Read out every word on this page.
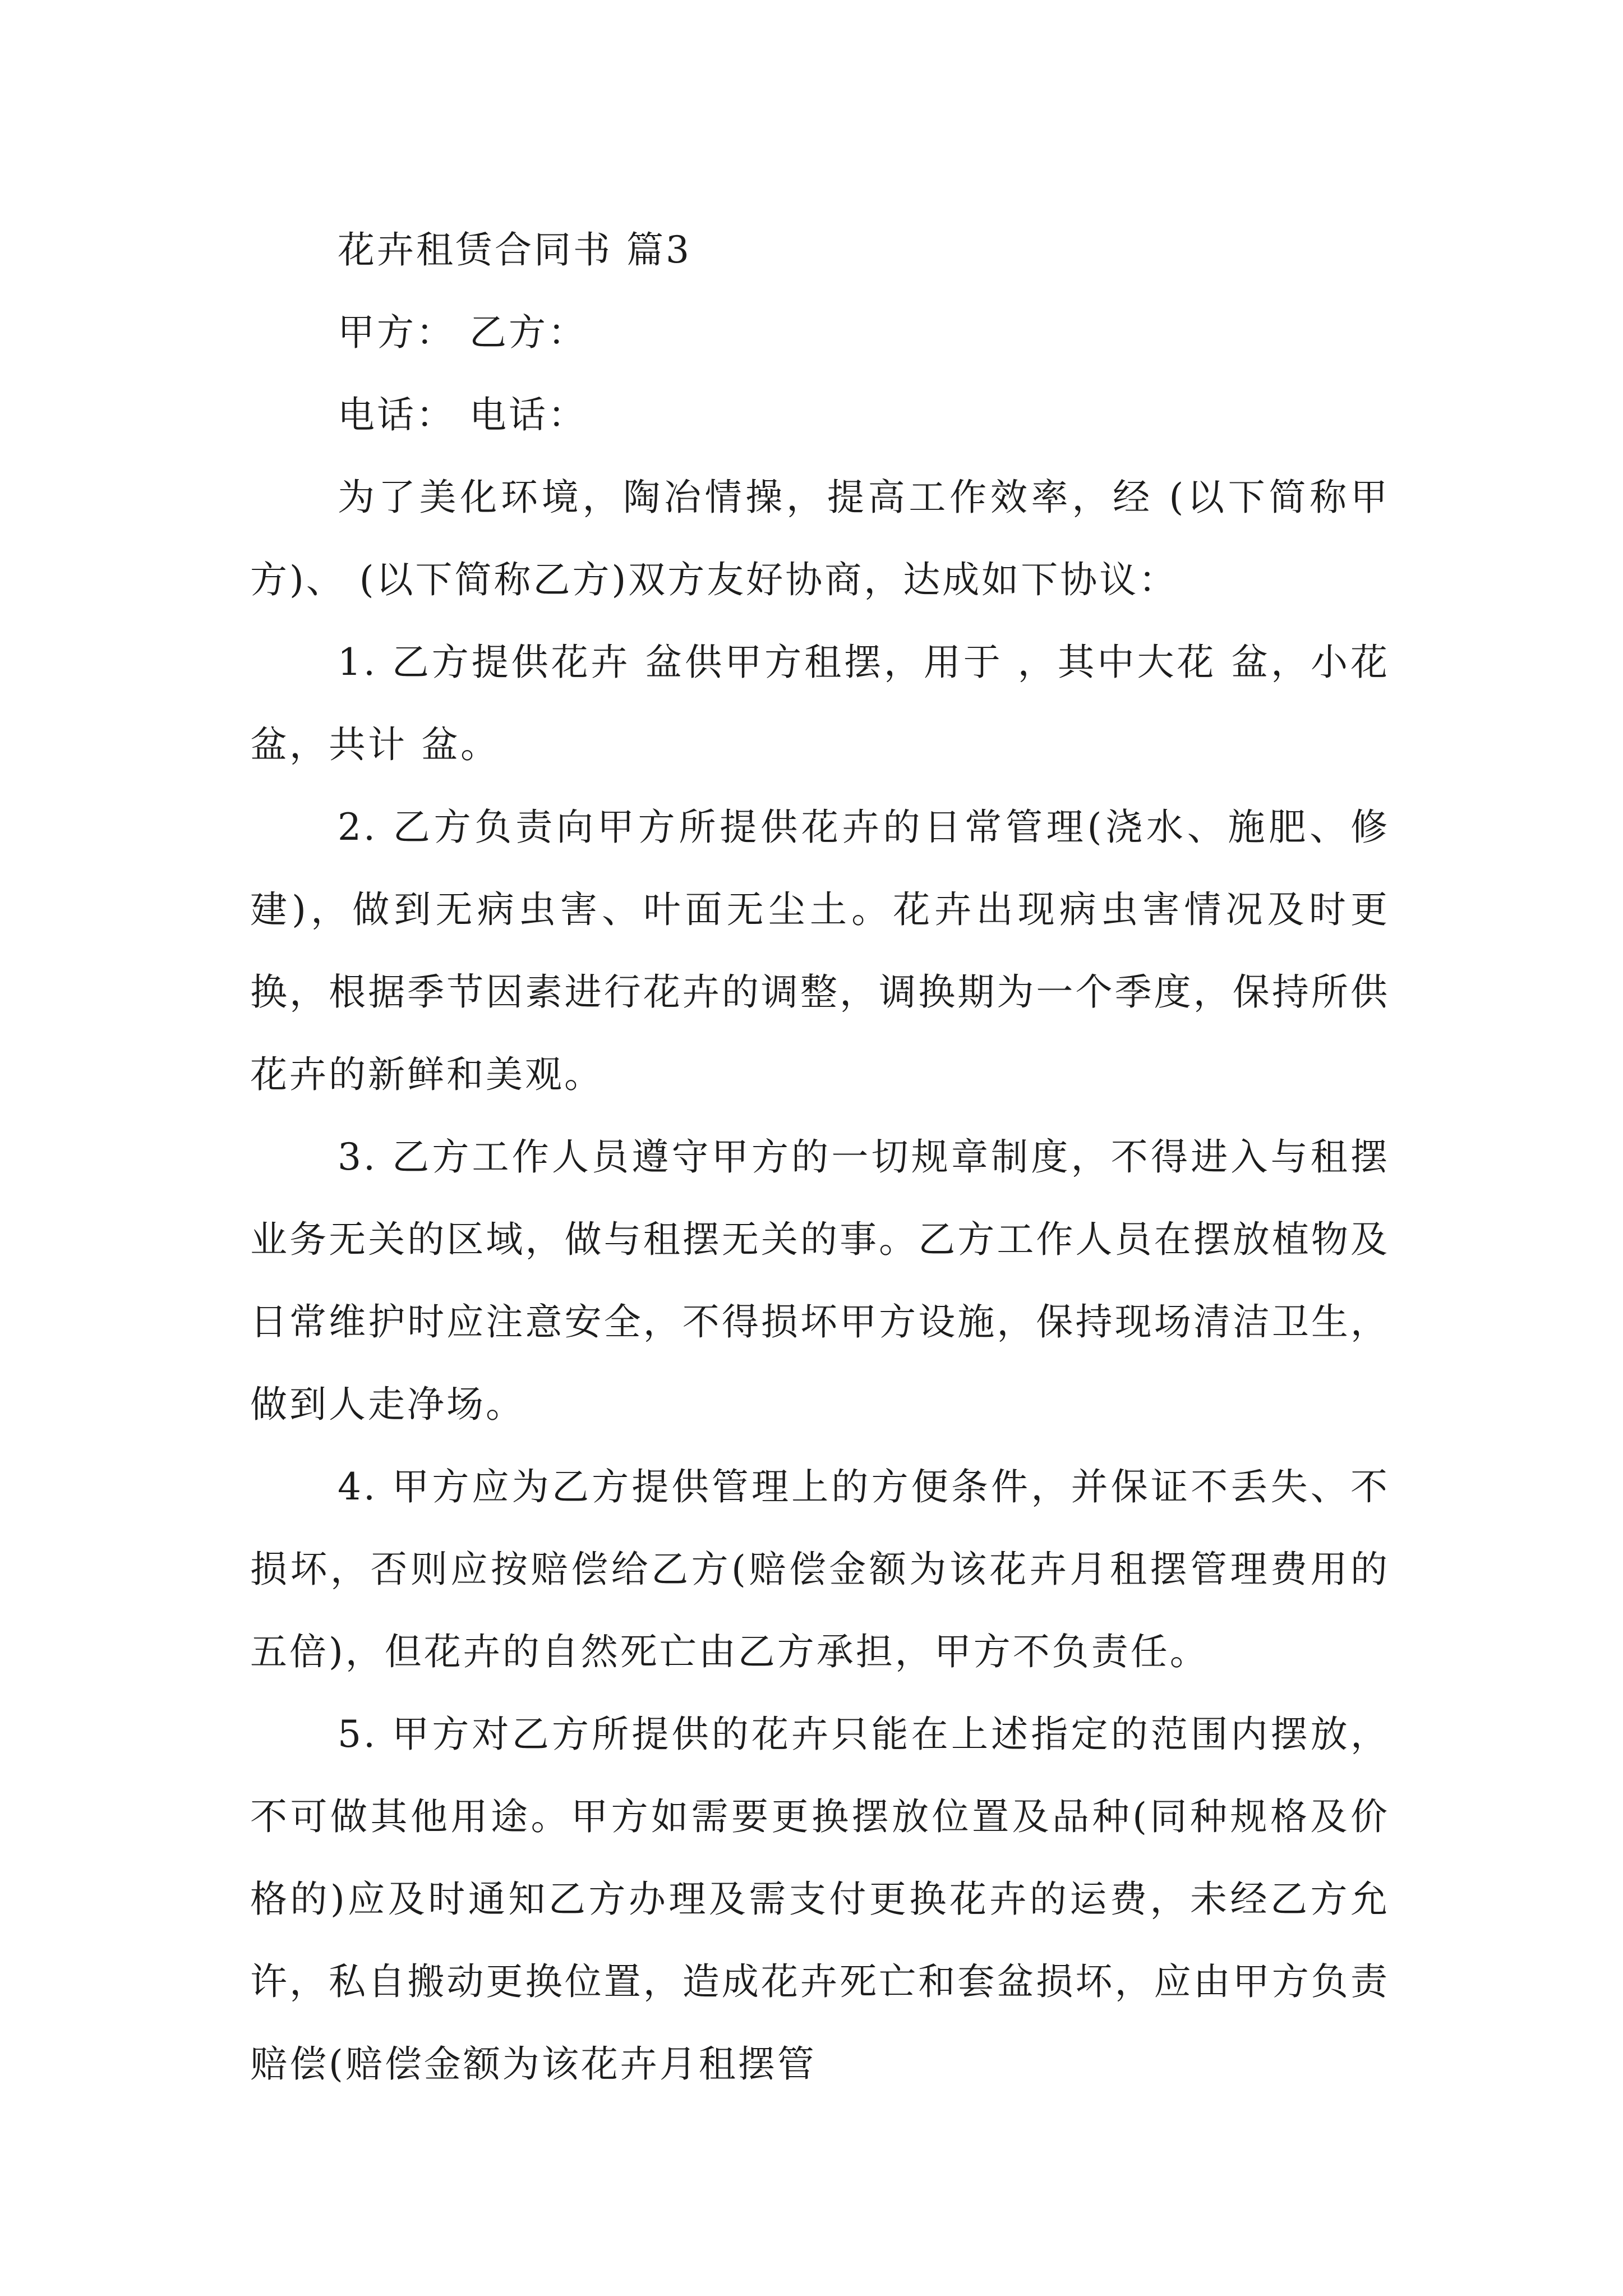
花卉租赁合同书 篇3
甲方： 乙方：
电话： 电话：
为了美化环境，陶冶情操，提高工作效率，经 (以下简称甲方)、 (以下简称乙方)双方友好协商，达成如下协议：
1. 乙方提供花卉 盆供甲方租摆，用于 ，其中大花 盆，小花 盆，共计 盆。
2. 乙方负责向甲方所提供花卉的日常管理(浇水、施肥、修建)，做到无病虫害、叶面无尘土。花卉出现病虫害情况及时更换，根据季节因素进行花卉的调整，调换期为一个季度，保持所供花卉的新鲜和美观。
3. 乙方工作人员遵守甲方的一切规章制度，不得进入与租摆业务无关的区域，做与租摆无关的事。乙方工作人员在摆放植物及日常维护时应注意安全，不得损坏甲方设施，保持现场清洁卫生，做到人走净场。
4. 甲方应为乙方提供管理上的方便条件，并保证不丢失、不损坏，否则应按赔偿给乙方(赔偿金额为该花卉月租摆管理费用的五倍)，但花卉的自然死亡由乙方承担，甲方不负责任。
5. 甲方对乙方所提供的花卉只能在上述指定的范围内摆放，不可做其他用途。甲方如需要更换摆放位置及品种(同种规格及价格的)应及时通知乙方办理及需支付更换花卉的运费，未经乙方允许，私自搬动更换位置，造成花卉死亡和套盆损坏，应由甲方负责赔偿(赔偿金额为该花卉月租摆管
